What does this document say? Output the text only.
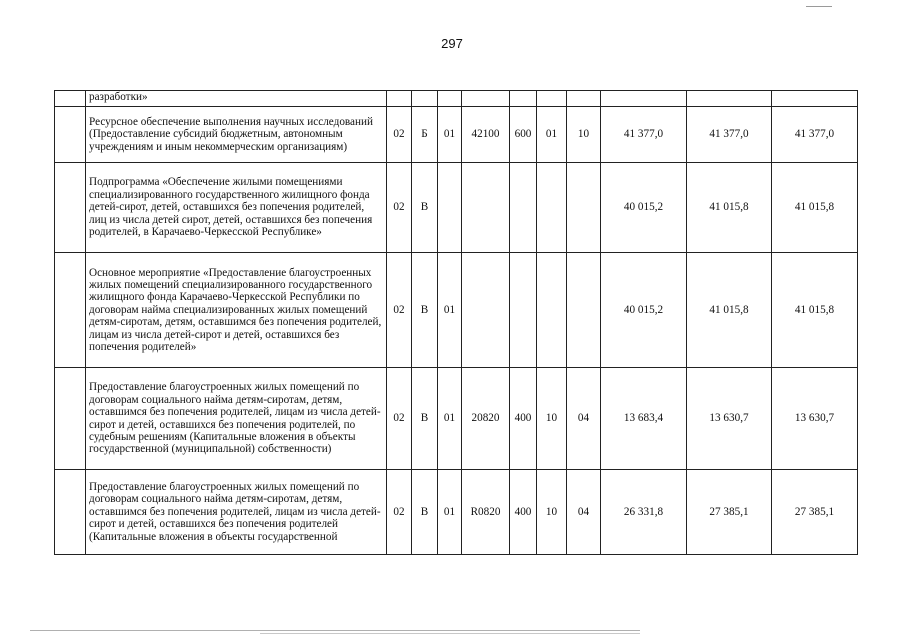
297
	разработки»										
	Ресурсное обеспечение выполнения научных исследований (Предоставление субсидий бюджетным, автономным учреждениям и иным некоммерческим организациям)	02	Б	01	42100	600	01	10	41 377,0	41 377,0	41 377,0
	Подпрограмма «Обеспечение жилыми помещениями специализированного государственного жилищного фонда детей-сирот, детей, оставшихся без попечения родителей, лиц из числа детей сирот, детей, оставшихся без попечения родителей, в Карачаево-Черкесской Республике»	02	В						40 015,2	41 015,8	41 015,8
	Основное мероприятие «Предоставление благоустроенных жилых помещений специализированного государственного жилищного фонда Карачаево-Черкесской Республики по договорам найма специализированных жилых помещений детям-сиротам, детям, оставшимся без попечения родителей, лицам из числа детей-сирот и детей, оставшихся без попечения родителей»	02	В	01					40 015,2	41 015,8	41 015,8
	Предоставление благоустроенных жилых помещений по договорам социального найма детям-сиротам, детям, оставшимся без попечения родителей, лицам из числа детей-сирот и детей, оставшихся без попечения родителей, по судебным решениям (Капитальные вложения в объекты государственной (муниципальной) собственности)	02	В	01	20820	400	10	04	13 683,4	13 630,7	13 630,7
	Предоставление благоустроенных жилых помещений по договорам социального найма детям-сиротам, детям, оставшимся без попечения родителей, лицам из числа детей-сирот и детей, оставшихся без попечения родителей (Капитальные вложения в объекты государственной	02	В	01	R0820	400	10	04	26 331,8	27 385,1	27 385,1
